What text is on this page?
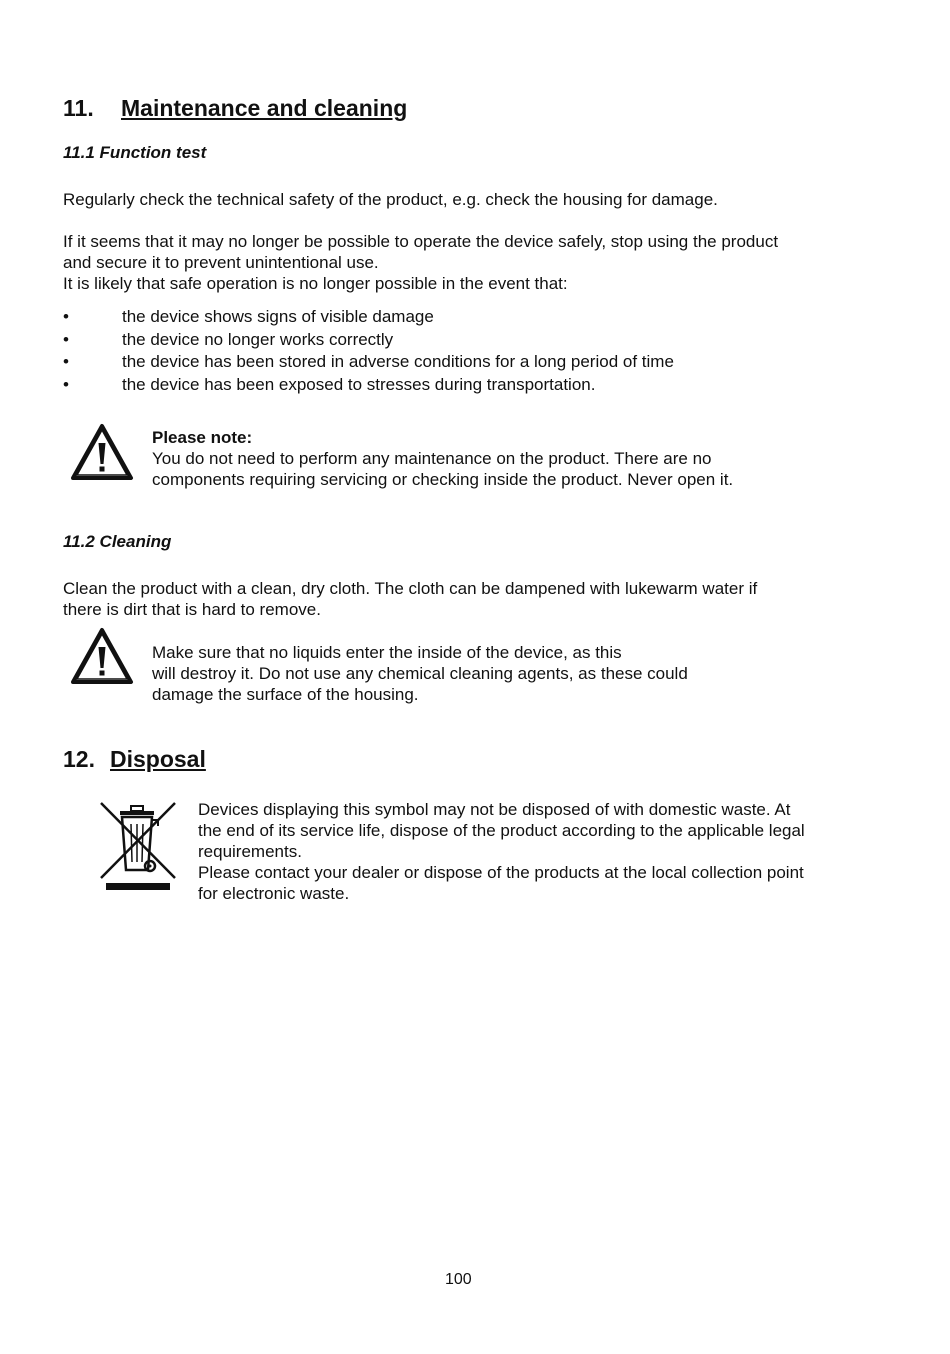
11. Maintenance and cleaning
11.1 Function test
Regularly check the technical safety of the product, e.g. check the housing for damage.
If it seems that it may no longer be possible to operate the device safely, stop using the product
and secure it to prevent unintentional use.
It is likely that safe operation is no longer possible in the event that:
•	the device shows signs of visible damage
•	the device no longer works correctly
•	the device has been stored in adverse conditions for a long period of time
•	the device has been exposed to stresses during transportation.
Please note:
You do not need to perform any maintenance on the product. There are no
components requiring servicing or checking inside the product. Never open it.
11.2 Cleaning
Clean the product with a clean, dry cloth. The cloth can be dampened with lukewarm water if
there is dirt that is hard to remove.
Make sure that no liquids enter the inside of the device, as this
will destroy it. Do not use any chemical cleaning agents, as these could
damage the surface of the housing.
12. Disposal
Devices displaying this symbol may not be disposed of with domestic waste. At
the end of its service life, dispose of the product according to the applicable legal
requirements.
Please contact your dealer or dispose of the products at the local collection point
for electronic waste.
100
